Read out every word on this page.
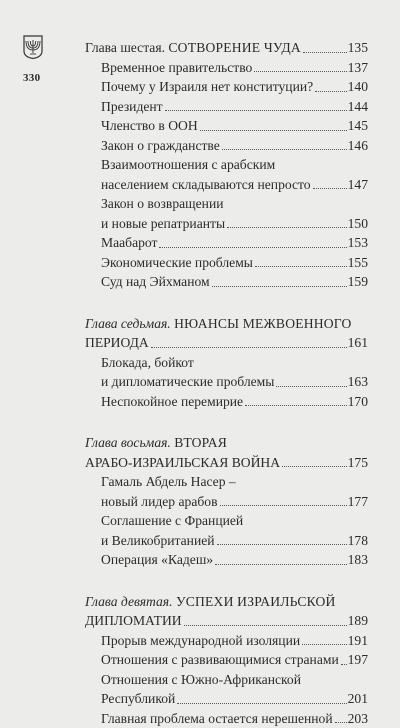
330
Глава шестая. СОТВОРЕНИЕ ЧУДА	135
Временное правительство	137
Почему у Израиля нет конституции?	140
Президент	144
Членство в ООН	145
Закон о гражданстве	146
Взаимоотношения с арабским
населением складываются непросто	147
Закон о возвращении
и новые репатрианты	150
Маабарот	153
Экономические проблемы	155
Суд над Эйхманом	159
Глава седьмая. НЮАНСЫ МЕЖВОЕННОГО
ПЕРИОДА	161
Блокада, бойкот
и дипломатические проблемы	163
Неспокойное перемирие	170
Глава восьмая. ВТОРАЯ
АРАБО-ИЗРАИЛЬСКАЯ ВОЙНА	175
Гамаль Абдель Насер –
новый лидер арабов	177
Соглашение с Францией
и Великобританией	178
Операция «Кадеш»	183
Глава девятая. УСПЕХИ ИЗРАИЛЬСКОЙ
ДИПЛОМАТИИ	189
Прорыв международной изоляции	191
Отношения с развивающимися странами 197
Отношения с Южно-Африканской
Республикой	201
Главная проблема остается нерешенной 203
